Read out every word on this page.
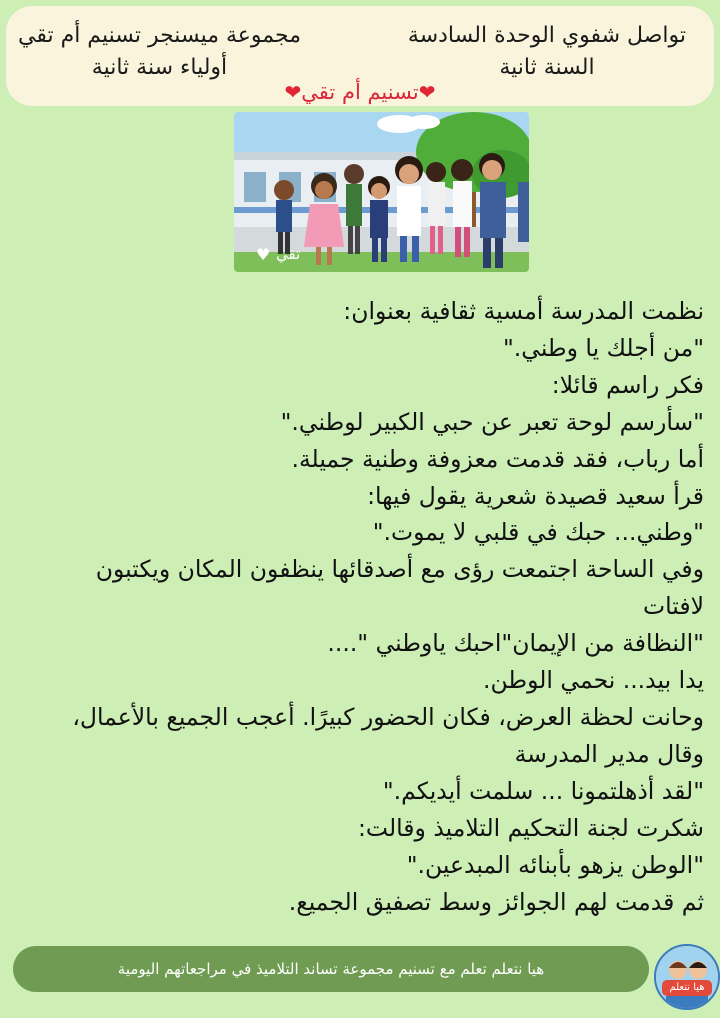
تواصل شفوي الوحدة السادسة
السنة ثانية
مجموعة ميسنجر تسنيم أم تقي
أولياء سنة ثانية
❤تسنيم أم تقي❤
♥ تقي
نظمت المدرسة أمسية ثقافية بعنوان:
"من أجلك يا وطني."
فكر راسم قائلا:
"سأرسم لوحة تعبر عن حبي الكبير لوطني."
أما رباب، فقد قدمت معزوفة وطنية جميلة.
قرأ سعيد قصيدة شعرية يقول فيها:
"وطني... حبك في قلبي لا يموت."
وفي الساحة اجتمعت رؤى مع أصدقائها ينظفون المكان ويكتبون
لافتات
"النظافة من الإيمان"احبك ياوطني "....
يدا بيد... نحمي الوطن.
وحانت لحظة العرض، فكان الحضور كبيرًا. أعجب الجميع بالأعمال،
وقال مدير المدرسة
"لقد أذهلتمونا ... سلمت أيديكم."
شكرت لجنة التحكيم التلاميذ وقالت:
"الوطن يزهو بأبنائه المبدعين."
ثم قدمت لهم الجوائز وسط تصفيق الجميع.
هيا نتعلم تعلم مع تسنيم مجموعة تساند التلاميذ في مراجعاتهم اليومية
هيا نتعلم
